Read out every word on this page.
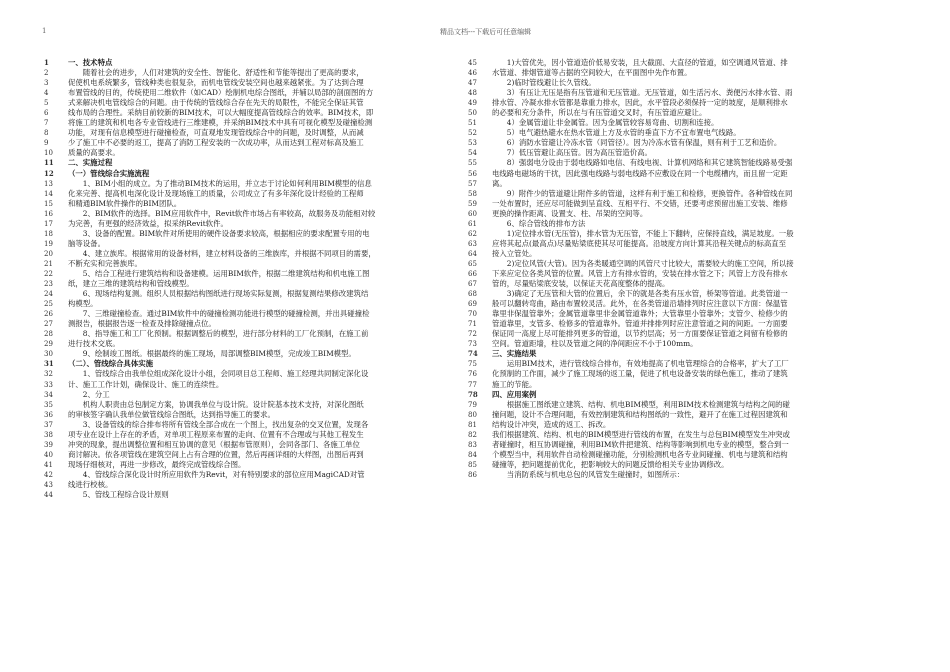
1	精品文档---下载后可任意编辑
1	一、技术特点
2	　　随着社会的进步，人们对建筑的安全性、智能化、舒适性和节能等提出了更高的要求，
3	促使机电系统繁多，管线种类也很复杂，而机电管线安装空间也越来越紧张。为了达到合理
4	布置管线的目的，传统使用二维软件（如CAD）绘制机电综合图纸，并辅以局部的剖面图的方
5	式来解决机电管线综合的问题。由于传统的管线综合存在先天的局限性，不能完全保证其管
6	线布局的合理性。采纳目前较新的BIM技术，可以大幅度提高管线综合的效率。BIM技术，即
7	将施工的建筑和机电各专业管线进行三维建模，并采纳BIM技术中具有可视化模型及碰撞检测
8	功能，对现有信息模型进行碰撞检查，可直观地发现管线综合中的问题，及时调整，从而减
9	少了施工中不必要的返工，提高了消防工程安装的一次成功率，从而达到工程对标高及施工
10	质量的高要求。
11	二、实施过程
12	（一）管线综合实施流程
13	　　1、BIM小组的成立。为了推动BIM技术的运用，并立志于讨论如何利用BIM模型的信息
14	化来完善、提高机电深化设计及现场施工的质量，公司成立了有多年深化设计经验的工程师
15	和精通BIM软件操作的BIM团队。
16	　　2、BIM软件的选择。BIM应用软件中，Revit软件市场占有率较高，故服务及功能相对较
17	为完善，有更强的经济效益，拟采纳Revit软件。
18	　　3、设备的配置。BIM软件对所使用的硬件设备要求较高，根据相应的要求配置专用的电
19	脑等设备。
20	　　4、建立族库。根据常用的设备材料，建立材料设备的三维族库，并根据不同项目的需要，
21	不断充实和完善族库。
22	　　5、结合工程进行建筑结构和设备建模。运用BIM软件，根据二维建筑结构和机电施工图
23	纸，建立三维的建筑结构和管线模型。
24	　　6、现场结构复测。组织人员根据结构图纸进行现场实际复测，根据复测结果修改建筑结
25	构模型。
26	　　7、三维碰撞检查。通过BIM软件中的碰撞检测功能进行模型的碰撞检测，并出具碰撞检
27	测报告，根据报告逐一检查及排除碰撞点位。
28	　　8、指导施工和工厂化预制。根据调整后的模型，进行部分材料的工厂化预制，在施工前
29	进行技术交底。
30	　　9、绘制竣工图纸。根据最终的施工现场，局部调整BIM模型，完成竣工BIM模型。
31	（二）、管线综合具体实施
32	　　1、管线综合由我单位组成深化设计小组，会同项目总工程师、施工经理共同制定深化设
33	计、施工工作计划，确保设计、施工的连续性。
34	　　2、分工
35	　　机构人职责由总包制定方案，协调我单位与设计院。设计院基本技术支持，对深化图纸
36	的审核签字确认我单位做管线综合图纸，达到指导施工的要求。
37	　　3、设备管线的综合排布将所有管线全部合成在一个图上，找出复杂的交叉位置，发现各
38	项专业在设计上存在的矛盾，对单项工程原来布置的走向、位置有不合理或与其他工程发生
39	冲突的现象，提出调整位置和相互协调的意见（根据布管原则），会同各部门、各施工单位
40	商讨解决。依各项管线在建筑空间上占有合理的位置，然后再画详细的大样图，出图后再到
41	现场仔细核对，再进一步修改，最终完成管线综合图。
42	　　4、管线综合深化设计时所应用软件为Revit，对有特别要求的部位应用MagiCAD对管
43	线进行校核。
44	　　5、管线工程综合设计原则
45	　　1)大管优先，因小管道造价低易安装，且大截面、大直径的管道，如空调通风管道、排
46	水管道、排烟管道等占据的空间较大，在平面图中先作布置。
47	　　2)临时管线避让长久管线。
48	　　3）有压让无压是指有压管道和无压管道。无压管道，如生活污水、粪便污水排水管、雨
49	排水管、冷凝水排水管都是靠重力排水，因此，水平管段必须保持一定的坡度，是顺利排水
50	的必要和充分条件，所以在与有压管道交叉时，有压管道应避让。
51	　　4）金属管道让非金属管。因为金属管较容易弯曲、切割和连接。
52	　　5）电气避热避水在热水管道上方及水管的垂直下方不宜布置电气线路。
53	　　6）消防水管避让冷冻水管（同管径）。因为冷冻水管有保温，则有利于工艺和造价。
54	　　7）低压管避让高压管。因为高压管造价高。
55	　　8）强弱电分设由于弱电线路如电信、有线电视、计算机网络和其它建筑智能线路易受强
56	电线路电磁场的干扰，因此强电线路与弱电线路不应敷设在同一个电缆槽内，而且留一定距
57	离。
58	　　9）附件少的管道避让附件多的管道，这样有利于施工和检修，更换管件。各种管线在同
59	一处布置时，还应尽可能做到呈直线、互相平行、不交错，还要考虑预留出施工安装、维修
60	更换的操作距离、设置支、柱、吊架的空间等。
61	　　6、综合管线的排布方法
62	　　1)定位排水管(无压管)，排水管为无压管，不能上下翻转，应保持直线，满足坡度。一般
63	应将其起点(最高点)尽量贴梁底使其尽可能提高。沿坡度方向计算其沿程关键点的标高直至
64	接入立管处。
65	　　2)定位风管(大管)。因为各类暖通空调的风管尺寸比较大，需要较大的施工空间，所以接
66	下来应定位各类风管的位置。风管上方有排水管的，安装在排水管之下；风管上方没有排水
67	管的，尽量贴梁底安装，以保证天花高度整体的提高。
68	　　3)确定了无压管和大管的位置后，余下的就是各类有压水管，桥架等管道。此类管道一
69	般可以翻转弯曲，路由布置较灵活。此外，在各类管道沿墙排列时应注意以下方面：保温管
70	靠里非保温管靠外；金属管道靠里非金属管道靠外；大管靠里小管靠外；支管少、检修少的
71	管道靠里，支管多、检修多的管道靠外。管道并排排列时应注意管道之间的间距。一方面要
72	保证同一高度上尽可能排列更多的管道，以节约层高；另一方面要保证管道之间留有检修的
73	空间。管道距墙，柱以及管道之间的净间距应不小于100mm。
74	三、实施结果
75	　　运用BIM技术，进行管线综合排布，有效地提高了机电管理综合的合格率，扩大了工厂
76	化预制的工作面，减少了施工现场的返工量，促进了机电设备安装的绿色施工，推动了建筑
77	施工的节能。
78	四、应用案例
79	　　根据施工图纸建立建筑、结构、机电BIM模型，利用BIM技术检测建筑与结构之间的碰
80	撞问题，设计不合理问题，有效控制建筑和结构图纸的一致性，避开了在施工过程因建筑和
81	结构设计冲突，造成的返工、拆改。
82	我们根据建筑、结构、机电的BIM模型进行管线的布置，在发生与总包BIM模型发生冲突或
83	者碰撞时，相互协调碰撞，利用BIM软件把建筑、结构等影响到机电专业的模型，整合到一
84	个模型当中，利用软件自动检测碰撞功能，分别检测机电各专业间碰撞、机电与建筑和结构
85	碰撞等，把问题提前优化，把影响较大的问题反馈给相关专业协调修改。
86	　　当消防系统与机电总包的风管发生碰撞时，如图所示：
